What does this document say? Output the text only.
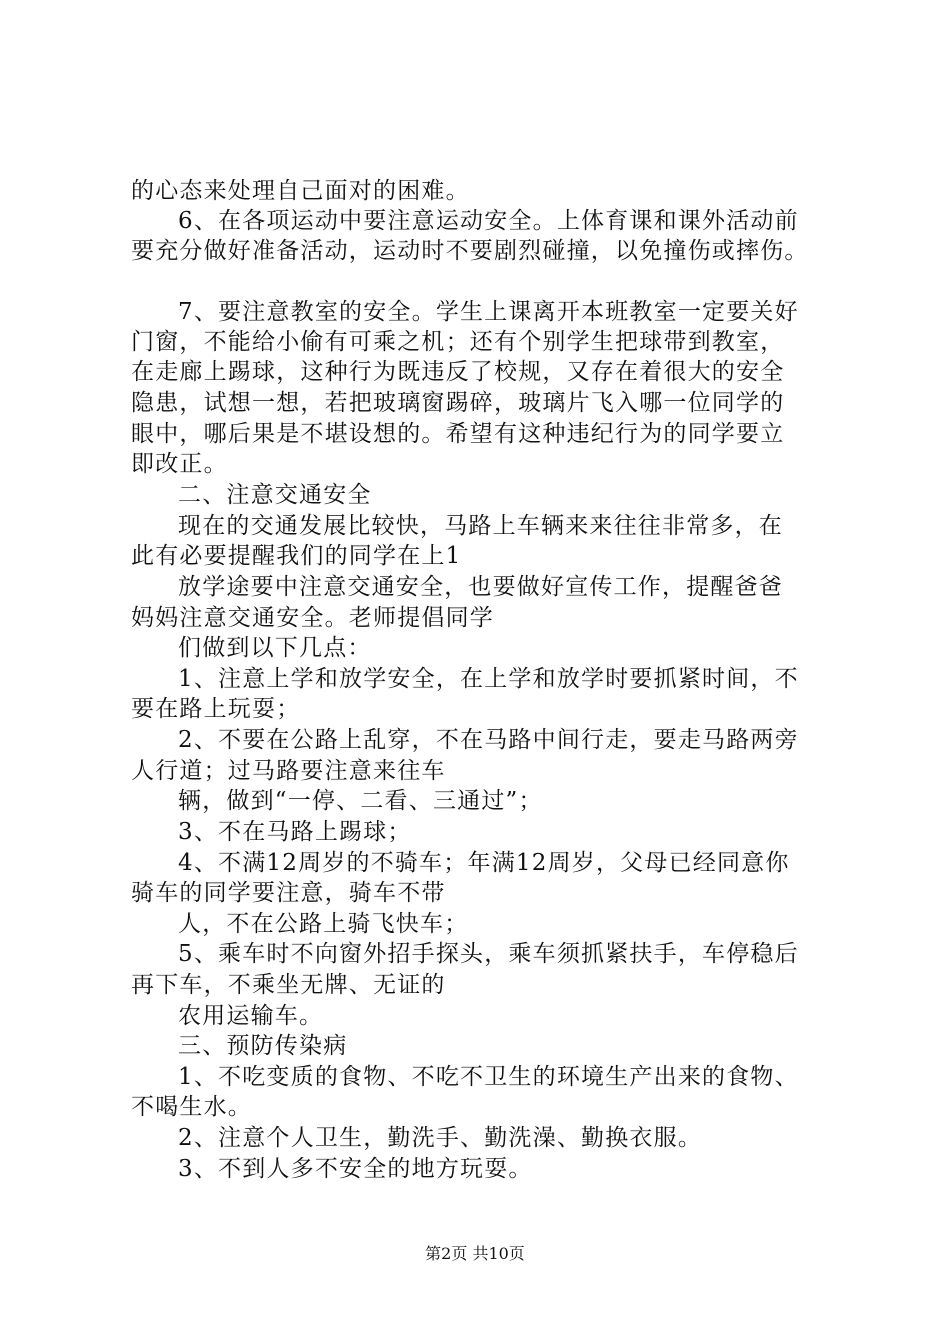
的心态来处理自己面对的困难。
6、在各项运动中要注意运动安全。上体育课和课外活动前
要充分做好准备活动，运动时不要剧烈碰撞，以免撞伤或摔伤。
7、要注意教室的安全。学生上课离开本班教室一定要关好
门窗，不能给小偷有可乘之机；还有个别学生把球带到教室，
在走廊上踢球，这种行为既违反了校规，又存在着很大的安全
隐患，试想一想，若把玻璃窗踢碎，玻璃片飞入哪一位同学的
眼中，哪后果是不堪设想的。希望有这种违纪行为的同学要立
即改正。
二、注意交通安全
现在的交通发展比较快，马路上车辆来来往往非常多，在
此有必要提醒我们的同学在上1
放学途要中注意交通安全，也要做好宣传工作，提醒爸爸
妈妈注意交通安全。老师提倡同学
们做到以下几点：
1、注意上学和放学安全，在上学和放学时要抓紧时间，不
要在路上玩耍；
2、不要在公路上乱穿，不在马路中间行走，要走马路两旁
人行道；过马路要注意来往车
辆，做到“一停、二看、三通过”；
3、不在马路上踢球；
4、不满12周岁的不骑车；年满12周岁，父母已经同意你
骑车的同学要注意，骑车不带
人，不在公路上骑飞快车；
5、乘车时不向窗外招手探头，乘车须抓紧扶手，车停稳后
再下车，不乘坐无牌、无证的
农用运输车。
三、预防传染病
1、不吃变质的食物、不吃不卫生的环境生产出来的食物、
不喝生水。
2、注意个人卫生，勤洗手、勤洗澡、勤换衣服。
3、不到人多不安全的地方玩耍。
第2页 共10页
